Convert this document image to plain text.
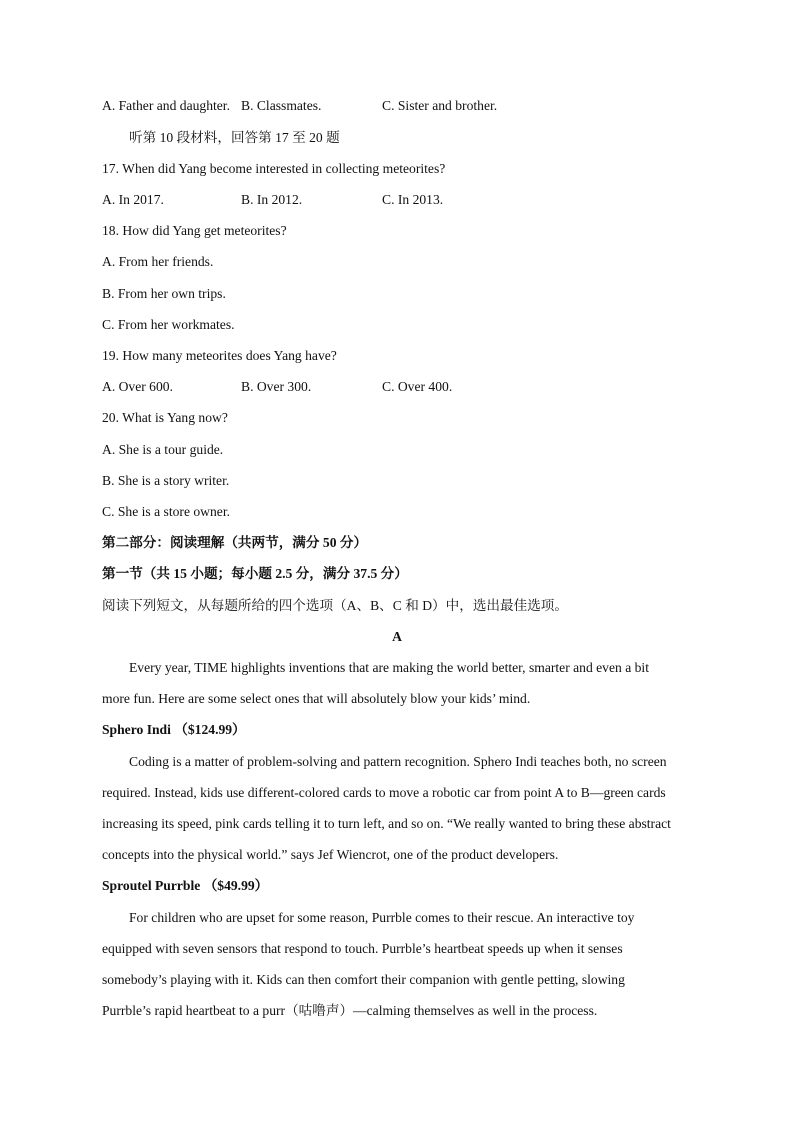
A. Father and daughter. B. Classmates.	C. Sister and brother.
听第 10 段材料，回答第 17 至 20 题
17. When did Yang become interested in collecting meteorites?
A. In 2017.	B. In 2012.	C. In 2013.
18. How did Yang get meteorites?
A. From her friends.
B. From her own trips.
C. From her workmates.
19. How many meteorites does Yang have?
A. Over 600.	B. Over 300.	C. Over 400.
20. What is Yang now?
A. She is a tour guide.
B. She is a story writer.
C. She is a store owner.
第二部分：阅读理解（共两节，满分 50 分）
第一节（共 15 小题；每小题 2.5 分，满分 37.5 分）
阅读下列短文，从每题所给的四个选项（A、B、C 和 D）中，选出最佳选项。
A
Every year, TIME highlights inventions that are making the world better, smarter and even a bit
more fun. Here are some select ones that will absolutely blow your kids’ mind.
Sphero Indi （$124.99）
Coding is a matter of problem-solving and pattern recognition. Sphero Indi teaches both, no screen
required. Instead, kids use different-colored cards to move a robotic car from point A to B—green cards
increasing its speed, pink cards telling it to turn left, and so on. “We really wanted to bring these abstract
concepts into the physical world.” says Jef Wiencrot, one of the product developers.
Sproutel Purrble （$49.99）
For children who are upset for some reason, Purrble comes to their rescue. An interactive toy
equipped with seven sensors that respond to touch. Purrble’s heartbeat speeds up when it senses
somebody’s playing with it. Kids can then comfort their companion with gentle petting, slowing
Purrble’s rapid heartbeat to a purr（咕噜声）—calming themselves as well in the process.
